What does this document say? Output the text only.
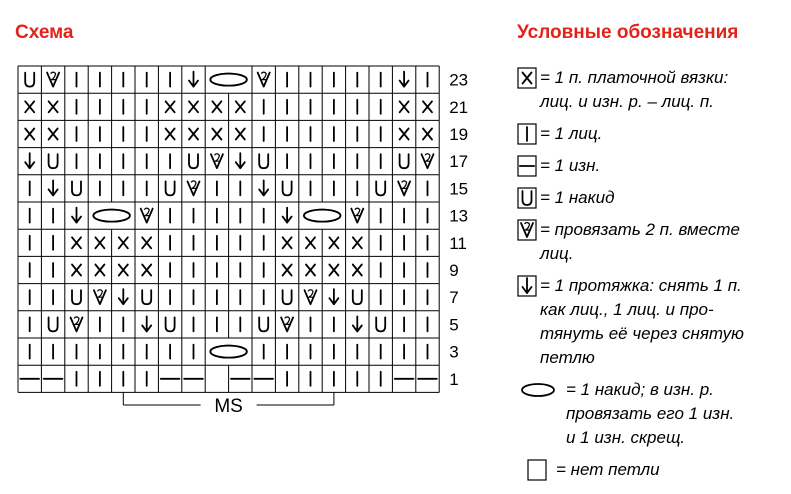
Схема	Условные обозначения
23
21
19
17
15
13
11
9
7
5
3
1
MS
= 1 п. платочной вязки:
лиц. и изн. р. – лиц. п.
= 1 лиц.
= 1 изн.
= 1 накид
= провязать 2 п. вместе
лиц.
= 1 протяжка: снять 1 п.
как лиц., 1 лиц. и про-
тянуть её через снятую
петлю
= 1 накид; в изн. р.
провязать его 1 изн.
и 1 изн. скрещ.
= нет петли
